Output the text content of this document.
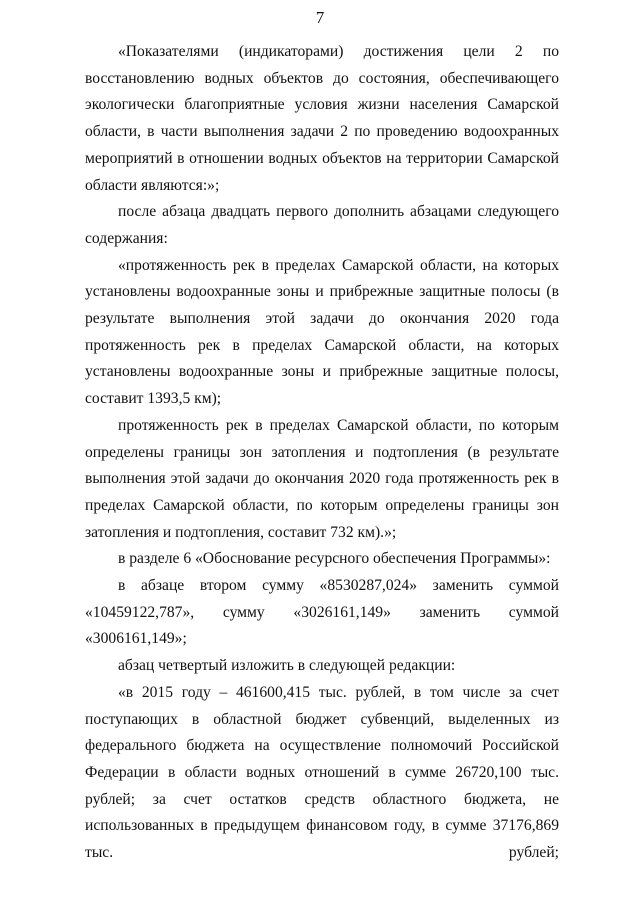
7

«Показателями (индикаторами) достижения цели 2 по восстановлению водных объектов до состояния, обеспечивающего экологически благоприятные условия жизни населения Самарской области, в части выполнения задачи 2 по проведению водоохранных мероприятий в отношении водных объектов на территории Самарской области являются:»;

после абзаца двадцать первого дополнить абзацами следующего содержания:

«протяженность рек в пределах Самарской области, на которых установлены водоохранные зоны и прибрежные защитные полосы (в результате выполнения этой задачи до окончания 2020 года протяженность рек в пределах Самарской области, на которых установлены водоохранные зоны и прибрежные защитные полосы, составит 1393,5 км);

протяженность рек в пределах Самарской области, по которым определены границы зон затопления и подтопления (в результате выполнения этой задачи до окончания 2020 года протяженность рек в пределах Самарской области, по которым определены границы зон затопления и подтопления, составит 732 км).»;

в разделе 6 «Обоснование ресурсного обеспечения Программы»:

в абзаце втором сумму «8530287,024» заменить суммой «10459122,787», сумму «3026161,149» заменить суммой «3006161,149»;

абзац четвертый изложить в следующей редакции:

«в 2015 году – 461600,415 тыс. рублей, в том числе за счет поступающих в областной бюджет субвенций, выделенных из федерального бюджета на осуществление полномочий Российской Федерации в области водных отношений в сумме 26720,100 тыс. рублей; за счет остатков средств областного бюджета, не использованных в предыдущем финансовом году, в сумме 37176,869 тыс. рублей;
